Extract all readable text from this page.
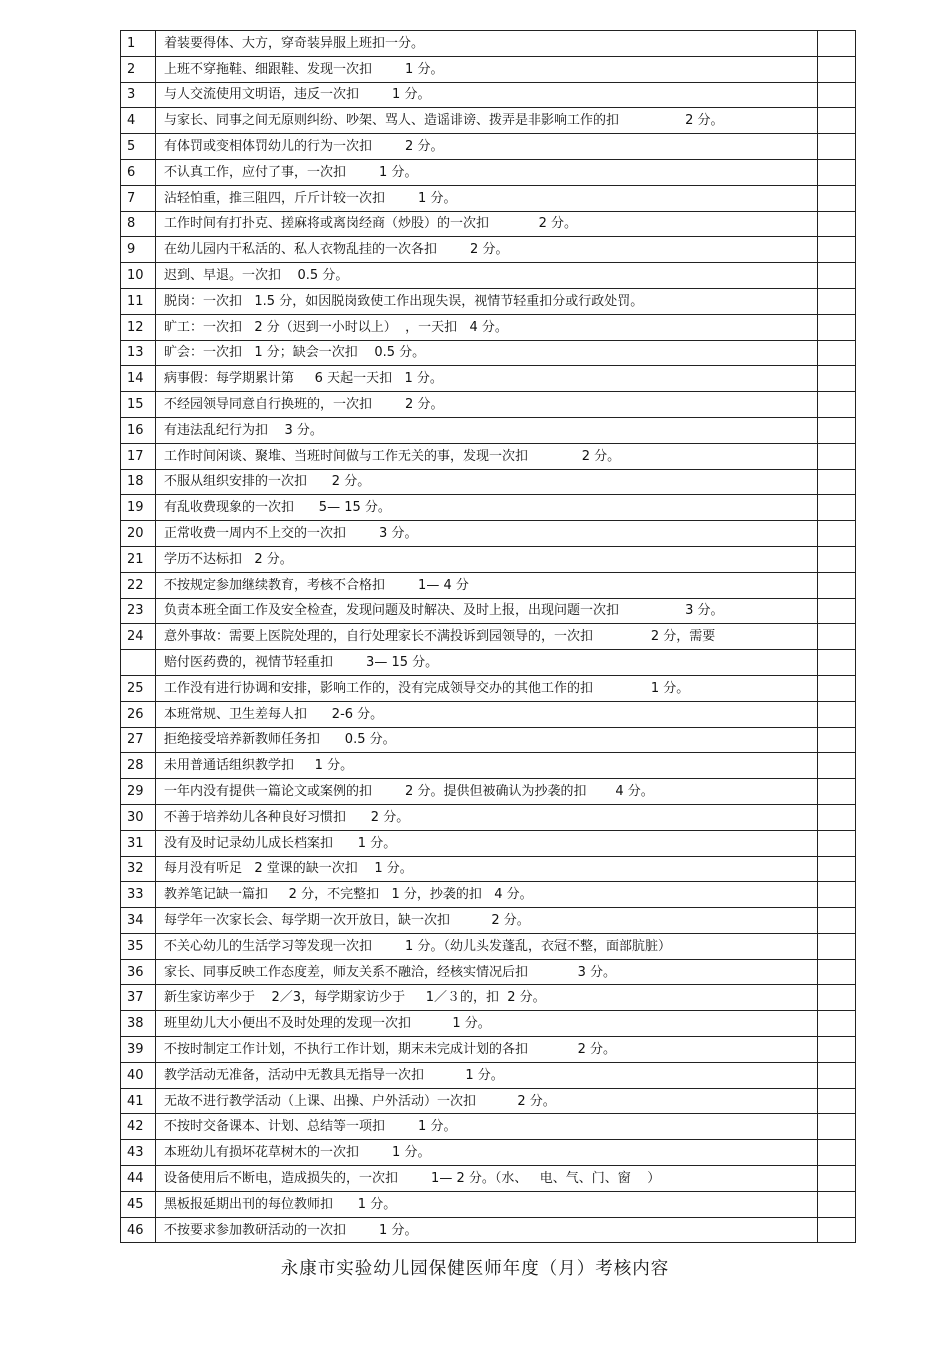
1	着装要得体、大方，穿奇装异服上班扣一分。	
2	上班不穿拖鞋、细跟鞋、发现一次扣        1 分。	
3	与人交流使用文明语，违反一次扣        1 分。	
4	与家长、同事之间无原则纠纷、吵架、骂人、造谣诽谤、拨弄是非影响工作的扣                2 分。	
5	有体罚或变相体罚幼儿的行为一次扣        2 分。	
6	不认真工作，应付了事，一次扣        1 分。	
7	沾轻怕重，推三阻四，斤斤计较一次扣        1 分。	
8	工作时间有打扑克、搓麻将或离岗经商（炒股）的一次扣            2 分。	
9	在幼儿园内干私活的、私人衣物乱挂的一次各扣        2 分。	
10	迟到、早退。一次扣    0.5 分。	
11	脱岗：一次扣   1.5 分，如因脱岗致使工作出现失误，视情节轻重扣分或行政处罚。	
12	旷工：一次扣   2 分（迟到一小时以上）  ，一天扣   4 分。	
13	旷会：一次扣   1 分；缺会一次扣    0.5 分。	
14	病事假：每学期累计第     6 天起一天扣   1 分。	
15	不经园领导同意自行换班的，一次扣        2 分。	
16	有违法乱纪行为扣    3 分。	
17	工作时间闲谈、聚堆、当班时间做与工作无关的事，发现一次扣             2 分。	
18	不服从组织安排的一次扣      2 分。	
19	有乱收费现象的一次扣      5— 15 分。	
20	正常收费一周内不上交的一次扣        3 分。	
21	学历不达标扣   2 分。	
22	不按规定参加继续教育，考核不合格扣        1— 4 分	
23	负责本班全面工作及安全检查，发现问题及时解决、及时上报，出现问题一次扣                3 分。	
24	意外事故：需要上医院处理的，自行处理家长不满投诉到园领导的，一次扣              2 分，需要	
	赔付医药费的，视情节轻重扣        3— 15 分。	
25	工作没有进行协调和安排，影响工作的，没有完成领导交办的其他工作的扣              1 分。	
26	本班常规、卫生差每人扣      2-6 分。	
27	拒绝接受培养新教师任务扣      0.5 分。	
28	未用普通话组织教学扣     1 分。	
29	一年内没有提供一篇论文或案例的扣        2 分。提供但被确认为抄袭的扣       4 分。	
30	不善于培养幼儿各种良好习惯扣      2 分。	
31	没有及时记录幼儿成长档案扣      1 分。	
32	每月没有听足   2 堂课的缺一次扣    1 分。	
33	教养笔记缺一篇扣     2 分，不完整扣   1 分，抄袭的扣   4 分。	
34	每学年一次家长会、每学期一次开放日，缺一次扣          2 分。	
35	不关心幼儿的生活学习等发现一次扣        1 分。（幼儿头发蓬乱，衣冠不整，面部肮脏）	
36	家长、同事反映工作态度差，师友关系不融洽，经核实情况后扣            3 分。	
37	新生家访率少于    2／3，每学期家访少于     1／３的，扣  2 分。	
38	班里幼儿大小便出不及时处理的发现一次扣          1 分。	
39	不按时制定工作计划，不执行工作计划，期末未完成计划的各扣            2 分。	
40	教学活动无准备，活动中无教具无指导一次扣          1 分。	
41	无故不进行教学活动（上课、出操、户外活动）一次扣          2 分。	
42	不按时交备课本、计划、总结等一项扣        1 分。	
43	本班幼儿有损坏花草树木的一次扣        1 分。	
44	设备使用后不断电，造成损失的，一次扣        1— 2 分。（水、   电、气、门、窗    ）	
45	黑板报延期出刊的每位教师扣      1 分。	
46	不按要求参加教研活动的一次扣        1 分。	
永康市实验幼儿园保健医师年度（月）考核内容
